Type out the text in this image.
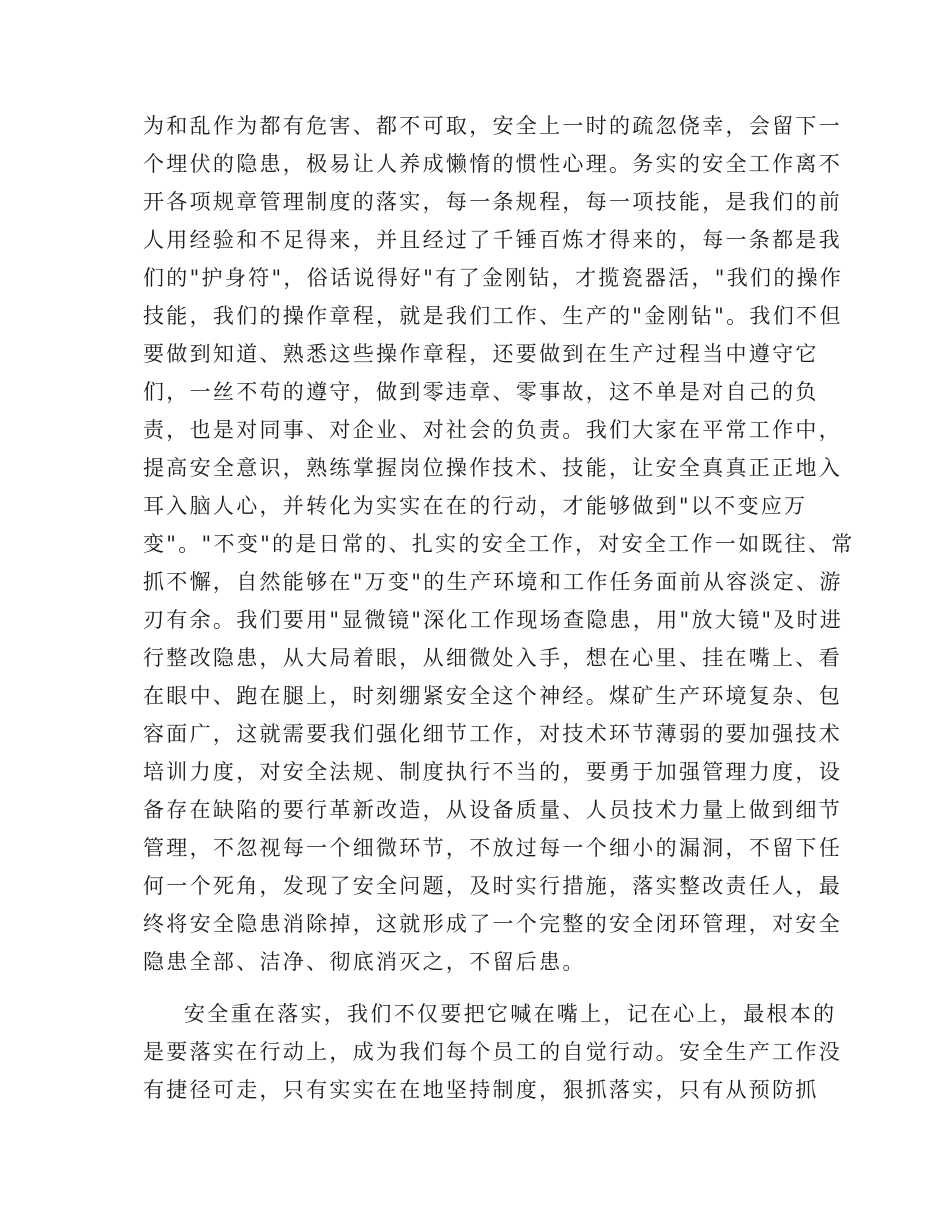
为和乱作为都有危害、都不可取，安全上一时的疏忽侥幸，会留下一
个埋伏的隐患，极易让人养成懒惰的惯性心理。务实的安全工作离不
开各项规章管理制度的落实，每一条规程，每一项技能，是我们的前
人用经验和不足得来，并且经过了千锤百炼才得来的，每一条都是我
们的"护身符"，俗话说得好"有了金刚钻，才揽瓷器活，"我们的操作
技能，我们的操作章程，就是我们工作、生产的"金刚钻"。我们不但
要做到知道、熟悉这些操作章程，还要做到在生产过程当中遵守它
们，一丝不苟的遵守，做到零违章、零事故，这不单是对自己的负
责，也是对同事、对企业、对社会的负责。我们大家在平常工作中，
提高安全意识，熟练掌握岗位操作技术、技能，让安全真真正正地入
耳入脑人心，并转化为实实在在的行动，才能够做到"以不变应万
变"。"不变"的是日常的、扎实的安全工作，对安全工作一如既往、常
抓不懈，自然能够在"万变"的生产环境和工作任务面前从容淡定、游
刃有余。我们要用"显微镜"深化工作现场查隐患，用"放大镜"及时进
行整改隐患，从大局着眼，从细微处入手，想在心里、挂在嘴上、看
在眼中、跑在腿上，时刻绷紧安全这个神经。煤矿生产环境复杂、包
容面广，这就需要我们强化细节工作，对技术环节薄弱的要加强技术
培训力度，对安全法规、制度执行不当的，要勇于加强管理力度，设
备存在缺陷的要行革新改造，从设备质量、人员技术力量上做到细节
管理，不忽视每一个细微环节，不放过每一个细小的漏洞，不留下任
何一个死角，发现了安全问题，及时实行措施，落实整改责任人，最
终将安全隐患消除掉，这就形成了一个完整的安全闭环管理，对安全
隐患全部、洁净、彻底消灭之，不留后患。
安全重在落实，我们不仅要把它喊在嘴上，记在心上，最根本的
是要落实在行动上，成为我们每个员工的自觉行动。安全生产工作没
有捷径可走，只有实实在在地坚持制度，狠抓落实，只有从预防抓
